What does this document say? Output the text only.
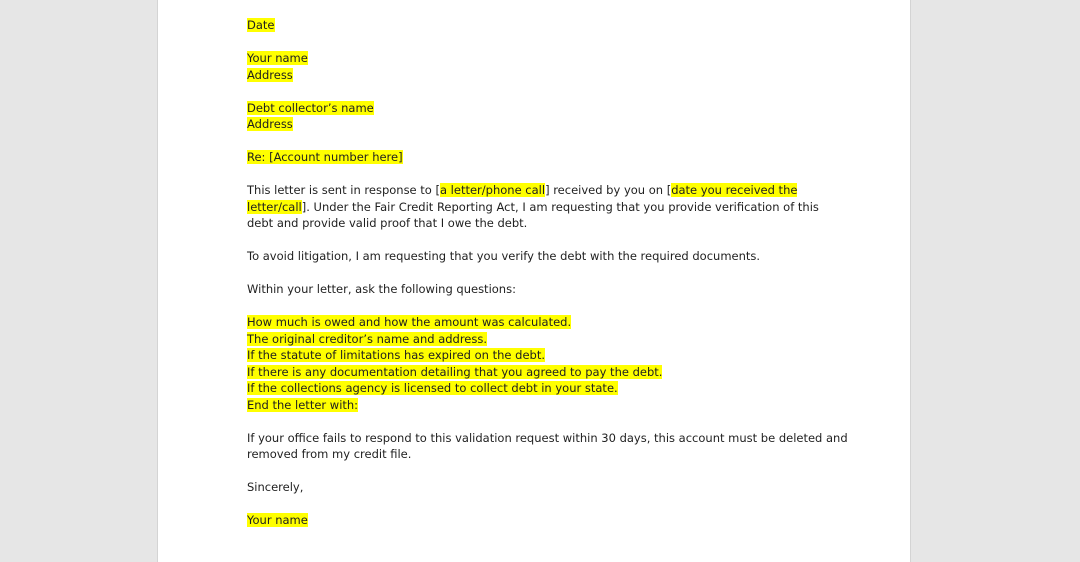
Date

Your name
Address

Debt collector’s name
Address

Re: [Account number here]

This letter is sent in response to [a letter/phone call] received by you on [date you received the
letter/call]. Under the Fair Credit Reporting Act, I am requesting that you provide verification of this
debt and provide valid proof that I owe the debt.

To avoid litigation, I am requesting that you verify the debt with the required documents.

Within your letter, ask the following questions:

How much is owed and how the amount was calculated.
The original creditor’s name and address.
If the statute of limitations has expired on the debt.
If there is any documentation detailing that you agreed to pay the debt.
If the collections agency is licensed to collect debt in your state.
End the letter with:

If your office fails to respond to this validation request within 30 days, this account must be deleted and
removed from my credit file.

Sincerely,

Your name
